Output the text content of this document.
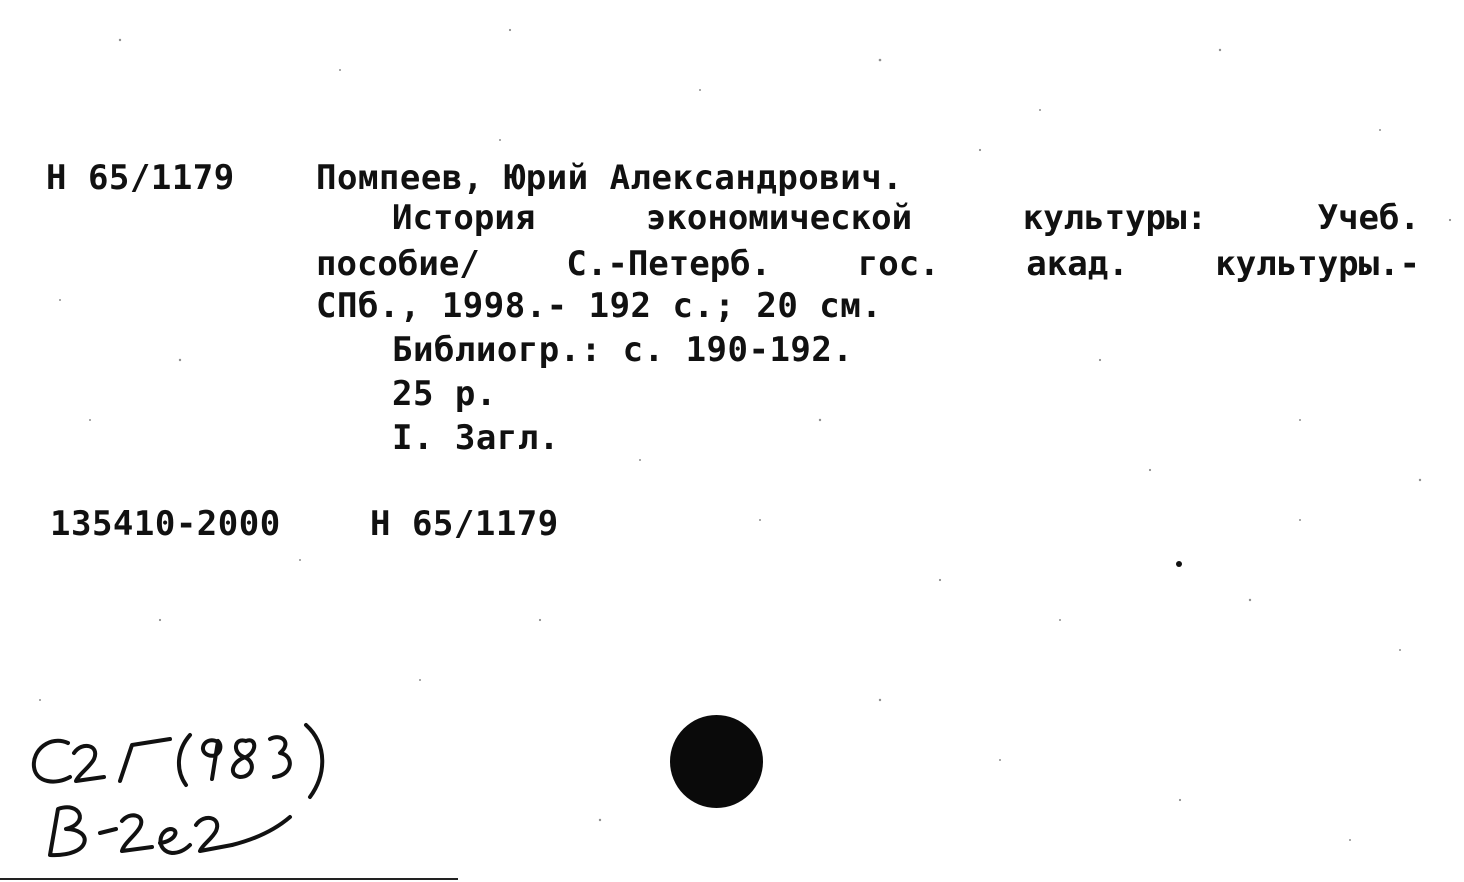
Н 65/1179 Помпеев, Юрий Александрович.
История	экономической	культуры:	Учеб.
пособие/	С.-Петерб.	гос.	акад.	культуры.-
СПб., 1998.- 192 с.; 20 см.
Библиогр.: с. 190-192.
25 р.
I. Загл.
135410-2000	Н 65/1179
